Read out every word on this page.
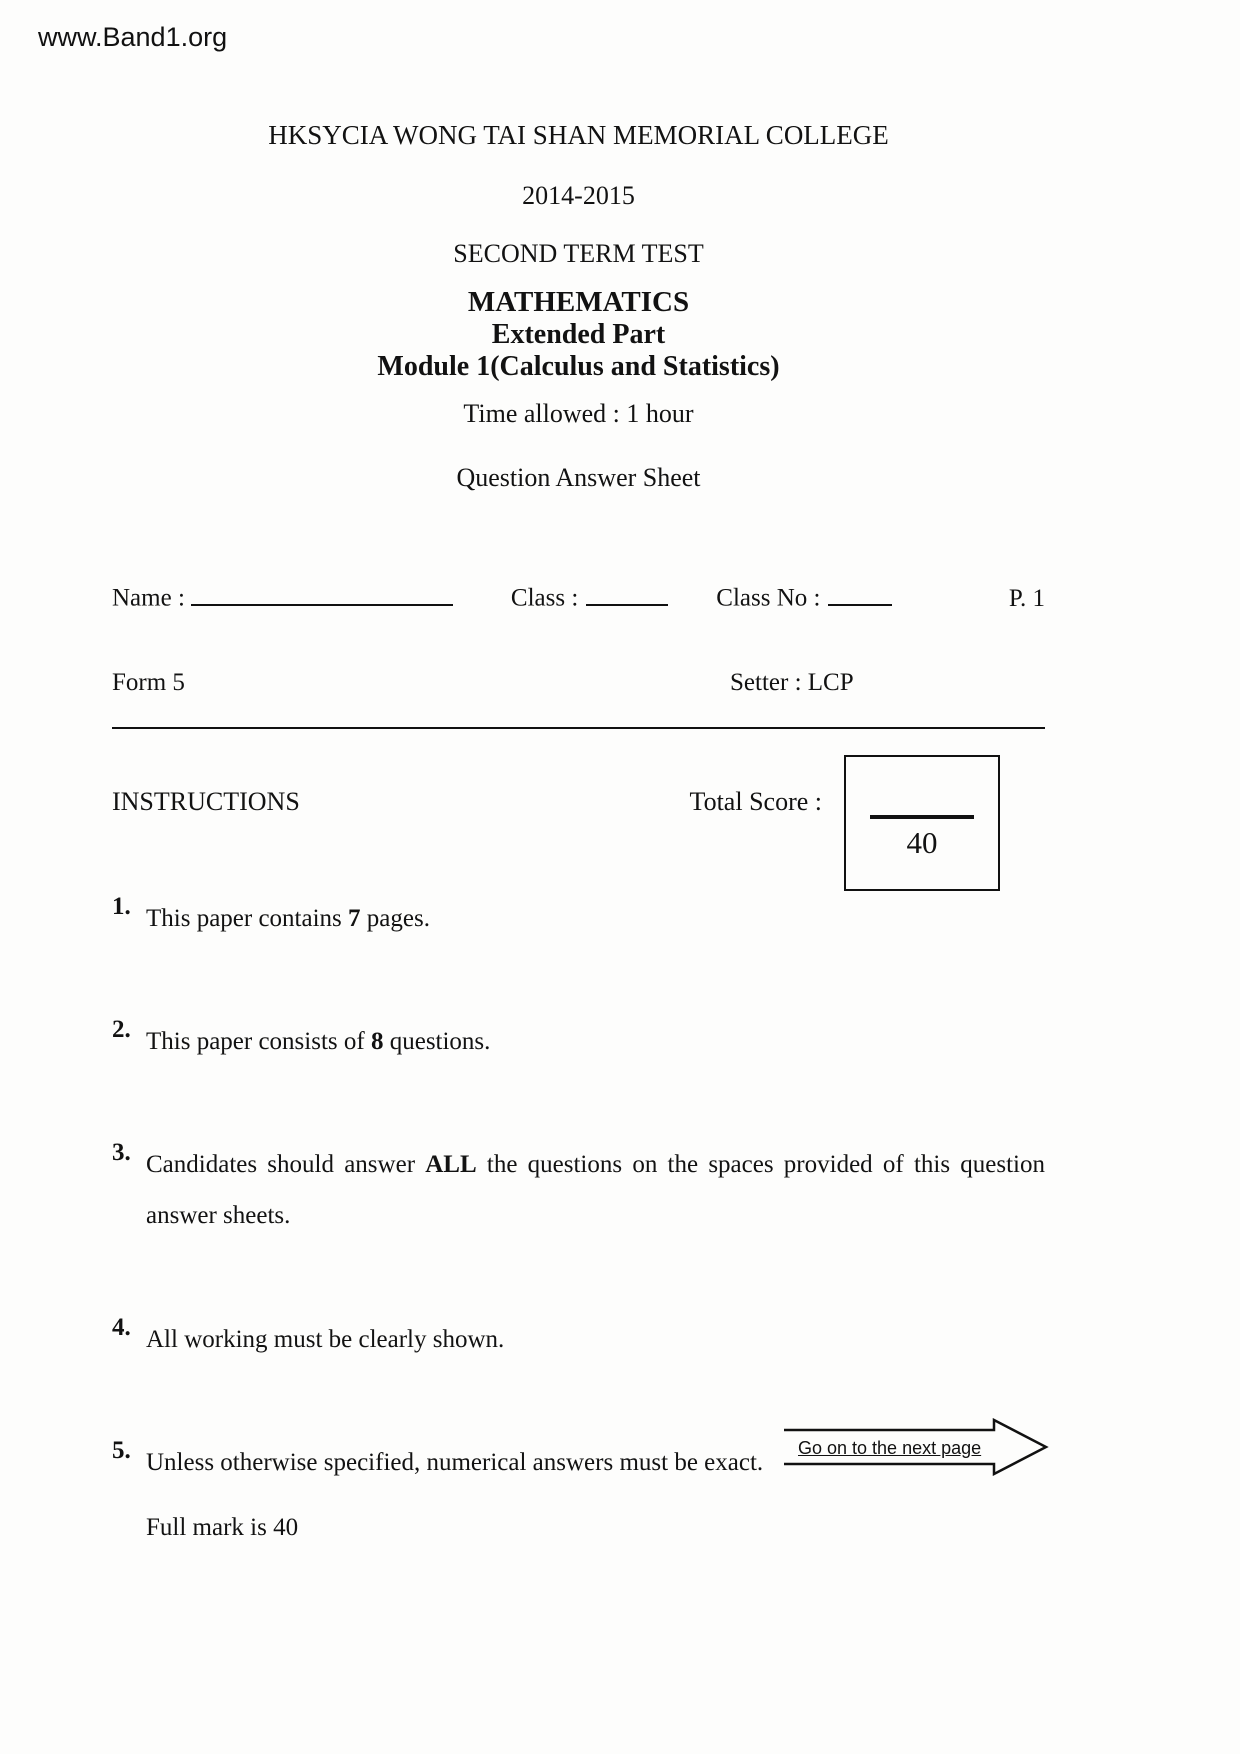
www.Band1.org
HKSYCIA WONG TAI SHAN MEMORIAL COLLEGE
2014-2015
SECOND TERM TEST
MATHEMATICS
Extended Part
Module 1(Calculus and Statistics)
Time allowed : 1 hour
Question Answer Sheet
Name :	Class :	Class No :	P. 1
Form 5	Setter : LCP
INSTRUCTIONS	Total Score :
40
1. This paper contains 7 pages.
2. This paper consists of 8 questions.
3. Candidates should answer ALL the questions on the spaces provided of this question answer sheets.
4. All working must be clearly shown.
5. Unless otherwise specified, numerical answers must be exact.
Full mark is 40
Go on to the next page
